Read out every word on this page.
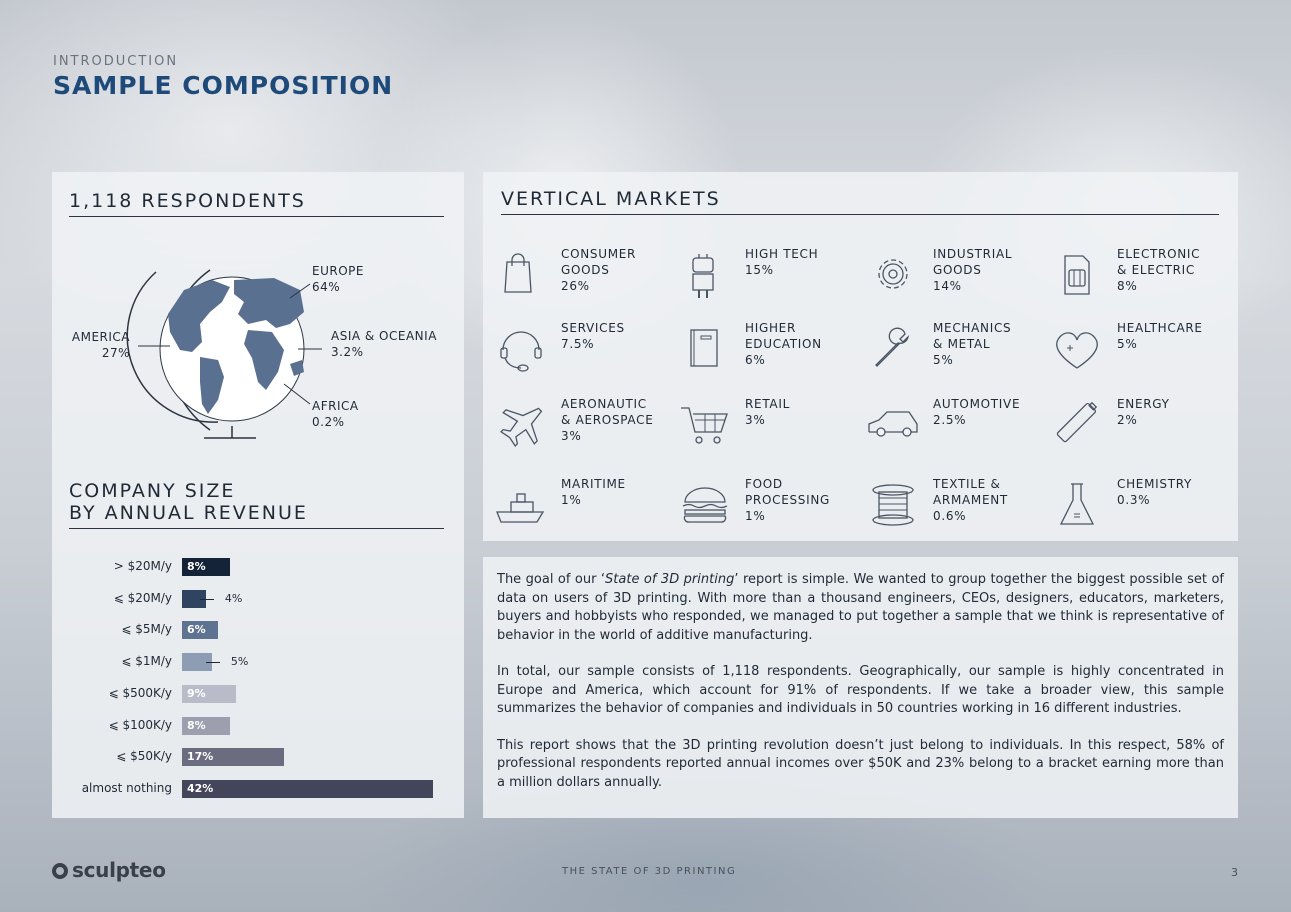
INTRODUCTION
SAMPLE COMPOSITION
1,118 RESPONDENTS
EUROPE
64%
ASIA & OCEANIA
3.2%
AMERICA
27%
AFRICA
0.2%
COMPANY SIZE
BY ANNUAL REVENUE
> $20M/y	8%
⩽ $20M/y	4%
⩽ $5M/y	6%
⩽ $1M/y	5%
⩽ $500K/y	9%
⩽ $100K/y	8%
⩽ $50K/y	17%
almost nothing	42%
VERTICAL MARKETS
CONSUMER
GOODS
26%
HIGH TECH
15%
INDUSTRIAL
GOODS
14%
ELECTRONIC
& ELECTRIC
8%
SERVICES
7.5%
HIGHER
EDUCATION
6%
MECHANICS
& METAL
5%
HEALTHCARE
5%
AERONAUTIC
& AEROSPACE
3%
RETAIL
3%
AUTOMOTIVE
2.5%
ENERGY
2%
MARITIME
1%
FOOD
PROCESSING
1%
TEXTILE &
ARMAMENT
0.6%
CHEMISTRY
0.3%

The goal of our ‘State of 3D printing’ report is simple. We wanted to group together the biggest possible set of data on users of 3D printing. With more than a thousand engineers, CEOs, designers, educators, marketers, buyers and hobbyists who responded, we managed to put together a sample that we think is representative of behavior in the world of additive manufacturing.

In total, our sample consists of 1,118 respondents. Geographically, our sample is highly concentrated in Europe and America, which account for 91% of respondents. If we take a broader view, this sample summarizes the behavior of companies and individuals in 50 countries working in 16 different industries.

This report shows that the 3D printing revolution doesn’t just belong to individuals. In this respect, 58% of professional respondents reported annual incomes over $50K and 23% belong to a bracket earning more than a million dollars annually.

sculpteo	THE STATE OF 3D PRINTING	3
